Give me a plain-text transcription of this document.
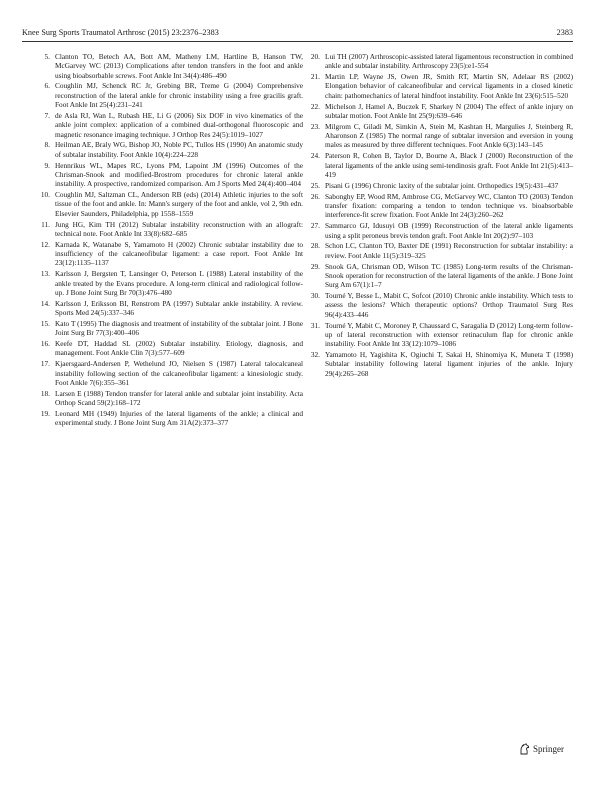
Knee Surg Sports Traumatol Arthrosc (2015) 23:2376–2383	2383
5. Clanton TO, Betech AA, Bott AM, Matheny LM, Hartline B, Hanson TW, McGarvey WC (2013) Complications after tendon transfers in the foot and ankle using bioabsorbable screws. Foot Ankle Int 34(4):486–490
6. Coughlin MJ, Schenck RC Jr, Grebing BR, Treme G (2004) Comprehensive reconstruction of the lateral ankle for chronic instability using a free gracilis graft. Foot Ankle Int 25(4):231–241
7. de Asla RJ, Wan L, Rubash HE, Li G (2006) Six DOF in vivo kinematics of the ankle joint complex: application of a combined dual-orthogonal fluoroscopic and magnetic resonance imaging technique. J Orthop Res 24(5):1019–1027
8. Heilman AE, Braly WG, Bishop JO, Noble PC, Tullos HS (1990) An anatomic study of subtalar instability. Foot Ankle 10(4):224–228
9. Hennrikus WL, Mapes RC, Lyons PM, Lapoint JM (1996) Outcomes of the Chrisman-Snook and modified-Brostrom procedures for chronic lateral ankle instability. A prospective, randomized comparison. Am J Sports Med 24(4):400–404
10. Coughlin MJ, Saltzman CL, Anderson RB (eds) (2014) Athletic injuries to the soft tissue of the foot and ankle. In: Mann's surgery of the foot and ankle, vol 2, 9th edn. Elsevier Saunders, Philadelphia, pp 1558–1559
11. Jung HG, Kim TH (2012) Subtalar instability reconstruction with an allograft: technical note. Foot Ankle Int 33(8):682–685
12. Karnada K, Watanabe S, Yamamoto H (2002) Chronic subtalar instability due to insufficiency of the calcaneofibular ligament: a case report. Foot Ankle Int 23(12):1135–1137
13. Karlsson J, Bergsten T, Lansinger O, Peterson L (1988) Lateral instability of the ankle treated by the Evans procedure. A long-term clinical and radiological follow-up. J Bone Joint Surg Br 70(3):476–480
14. Karlsson J, Eriksson BI, Renstrom PA (1997) Subtalar ankle instability. A review. Sports Med 24(5):337–346
15. Kato T (1995) The diagnosis and treatment of instability of the subtalar joint. J Bone Joint Surg Br 77(3):400–406
16. Keefe DT, Haddad SL (2002) Subtalar instability. Etiology, diagnosis, and management. Foot Ankle Clin 7(3):577–609
17. Kjaersgaard-Andersen P, Wethelund JO, Nielsen S (1987) Lateral talocalcaneal instability following section of the calcaneofibular ligament: a kinesiologic study. Foot Ankle 7(6):355–361
18. Larsen E (1988) Tendon transfer for lateral ankle and subtalar joint instability. Acta Orthop Scand 59(2):168–172
19. Leonard MH (1949) Injuries of the lateral ligaments of the ankle; a clinical and experimental study. J Bone Joint Surg Am 31A(2):373–377
20. Lui TH (2007) Arthroscopic-assisted lateral ligamentous reconstruction in combined ankle and subtalar instability. Arthroscopy 23(5):e1-554
21. Martin LP, Wayne JS, Owen JR, Smith RT, Martin SN, Adelaar RS (2002) Elongation behavior of calcaneofibular and cervical ligaments in a closed kinetic chain: pathomechanics of lateral hindfoot instability. Foot Ankle Int 23(6):515–520
22. Michelson J, Hamel A, Buczek F, Sharkey N (2004) The effect of ankle injury on subtalar motion. Foot Ankle Int 25(9):639–646
23. Milgrom C, Giladi M, Simkin A, Stein M, Kashtan H, Margulies J, Steinberg R, Aharonson Z (1985) The normal range of subtalar inversion and eversion in young males as measured by three different techniques. Foot Ankle 6(3):143–145
24. Paterson R, Cohen B, Taylor D, Bourne A, Black J (2000) Reconstruction of the lateral ligaments of the ankle using semi-tendinosis graft. Foot Ankle Int 21(5):413–419
25. Pisani G (1996) Chronic laxity of the subtalar joint. Orthopedics 19(5):431–437
26. Sabonghy EP, Wood RM, Ambrose CG, McGarvey WC, Clanton TO (2003) Tendon transfer fixation: comparing a tendon to tendon technique vs. bioabsorbable interference-fit screw fixation. Foot Ankle Int 24(3):260–262
27. Sammarco GJ, Idusuyi OB (1999) Reconstruction of the lateral ankle ligaments using a split peroneus brevis tendon graft. Foot Ankle Int 20(2):97–103
28. Schon LC, Clanton TO, Baxter DE (1991) Reconstruction for subtalar instability: a review. Foot Ankle 11(5):319–325
29. Snook GA, Chrisman OD, Wilson TC (1985) Long-term results of the Chrisman-Snook operation for reconstruction of the lateral ligaments of the ankle. J Bone Joint Surg Am 67(1):1–7
30. Tourné Y, Besse L, Mabit C, Sofcot (2010) Chronic ankle instability. Which tests to assess the lesions? Which therapeutic options? Orthop Traumatol Surg Res 96(4):433–446
31. Tourné Y, Mabit C, Moroney P, Chaussard C, Saragalia D (2012) Long-term follow-up of lateral reconstruction with extensor retinaculum flap for chronic ankle instability. Foot Ankle Int 33(12):1079–1086
32. Yamamoto H, Yagishita K, Ogiuchi T, Sakai H, Shinomiya K, Muneta T (1998) Subtalar instability following lateral ligament injuries of the ankle. Injury 29(4):265–268
Springer
